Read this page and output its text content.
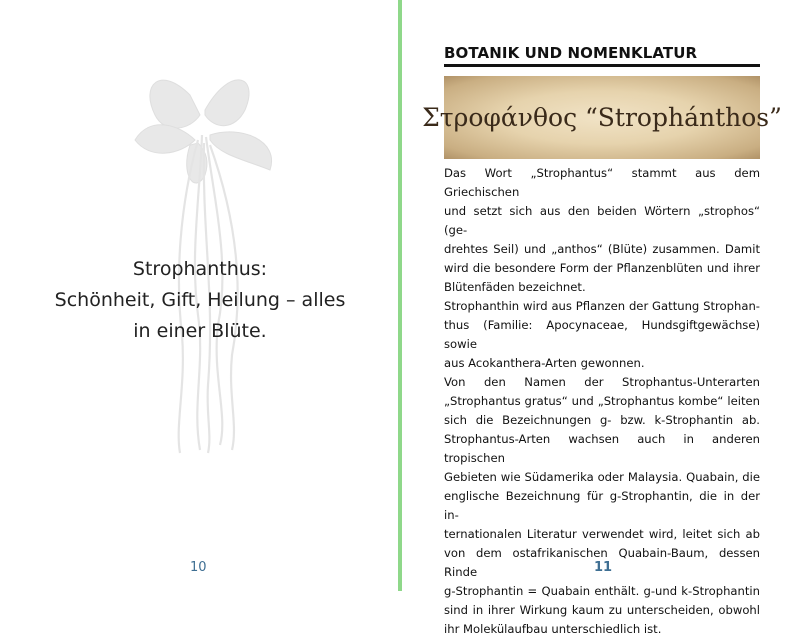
Strophanthus:
Schönheit, Gift, Heilung – alles
in einer Blüte.
10
BOTANIK UND NOMENKLATUR
Στροφάνθος “Strophánthos”
Das Wort „Strophantus“ stammt aus dem Griechischen
und setzt sich aus den beiden Wörtern „strophos“ (ge-
drehtes Seil) und „anthos“ (Blüte) zusammen. Damit
wird die besondere Form der Pflanzenblüten und ihrer
Blütenfäden bezeichnet.
Strophanthin wird aus Pflanzen der Gattung Strophan-
thus (Familie: Apocynaceae, Hundsgiftgewächse) sowie
aus Acokanthera-Arten gewonnen.
Von den Namen der Strophantus-Unterarten
„Strophantus gratus“ und „Strophantus kombe“ leiten
sich die Bezeichnungen g- bzw. k-Strophantin ab.
Strophantus-Arten wachsen auch in anderen tropischen
Gebieten wie Südamerika oder Malaysia. Quabain, die
englische Bezeichnung für g-Strophantin, die in der in-
ternationalen Literatur verwendet wird, leitet sich ab
von dem ostafrikanischen Quabain-Baum, dessen Rinde
g-Strophantin = Quabain enthält. g-und k-Strophantin
sind in ihrer Wirkung kaum zu unterscheiden, obwohl
ihr Molekülaufbau unterschiedlich ist.
11
